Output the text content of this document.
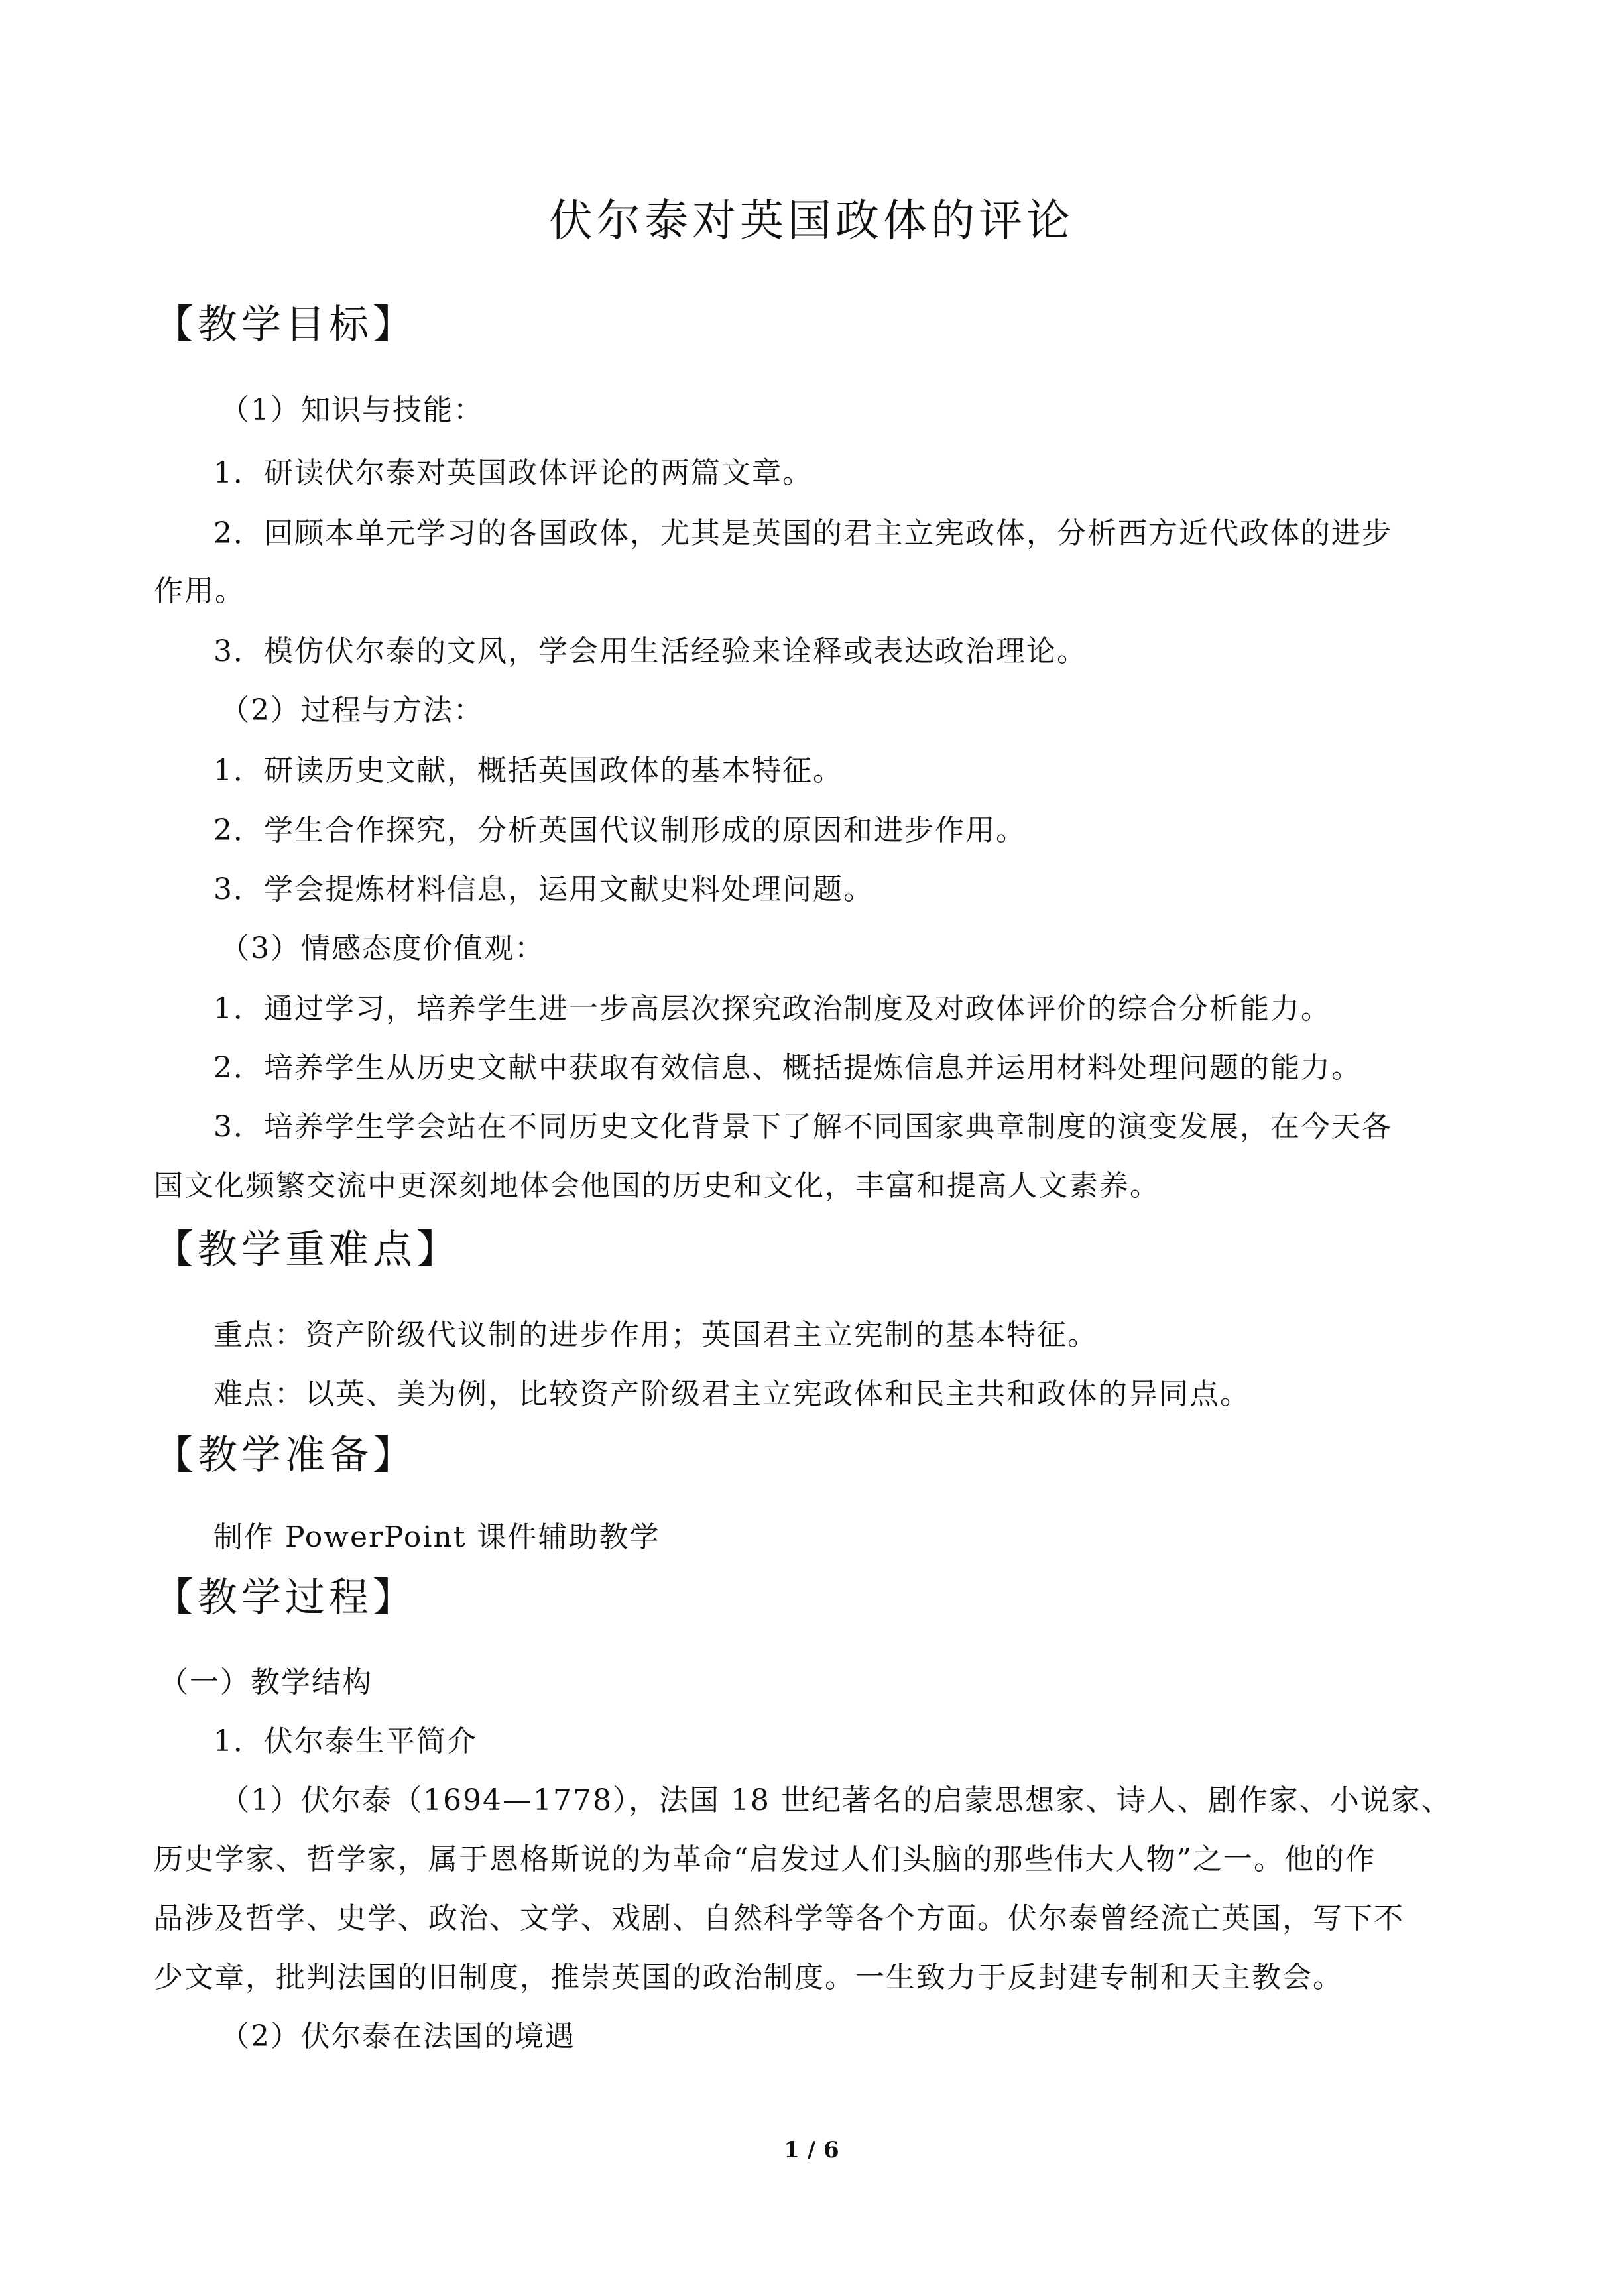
伏尔泰对英国政体的评论
【教学目标】
（1）知识与技能：
1．研读伏尔泰对英国政体评论的两篇文章。
2．回顾本单元学习的各国政体，尤其是英国的君主立宪政体，分析西方近代政体的进步
作用。
3．模仿伏尔泰的文风，学会用生活经验来诠释或表达政治理论。
（2）过程与方法：
1．研读历史文献，概括英国政体的基本特征。
2．学生合作探究，分析英国代议制形成的原因和进步作用。
3．学会提炼材料信息，运用文献史料处理问题。
（3）情感态度价值观：
1．通过学习，培养学生进一步高层次探究政治制度及对政体评价的综合分析能力。
2．培养学生从历史文献中获取有效信息、概括提炼信息并运用材料处理问题的能力。
3．培养学生学会站在不同历史文化背景下了解不同国家典章制度的演变发展，在今天各
国文化频繁交流中更深刻地体会他国的历史和文化，丰富和提高人文素养。
【教学重难点】
重点：资产阶级代议制的进步作用；英国君主立宪制的基本特征。
难点：以英、美为例，比较资产阶级君主立宪政体和民主共和政体的异同点。
【教学准备】
制作 PowerPoint 课件辅助教学
【教学过程】
（一）教学结构
1．伏尔泰生平简介
（1）伏尔泰（1694—1778），法国 18 世纪著名的启蒙思想家、诗人、剧作家、小说家、
历史学家、哲学家，属于恩格斯说的为革命“启发过人们头脑的那些伟大人物”之一。他的作
品涉及哲学、史学、政治、文学、戏剧、自然科学等各个方面。伏尔泰曾经流亡英国，写下不
少文章，批判法国的旧制度，推崇英国的政治制度。一生致力于反封建专制和天主教会。
（2）伏尔泰在法国的境遇
1 / 6
